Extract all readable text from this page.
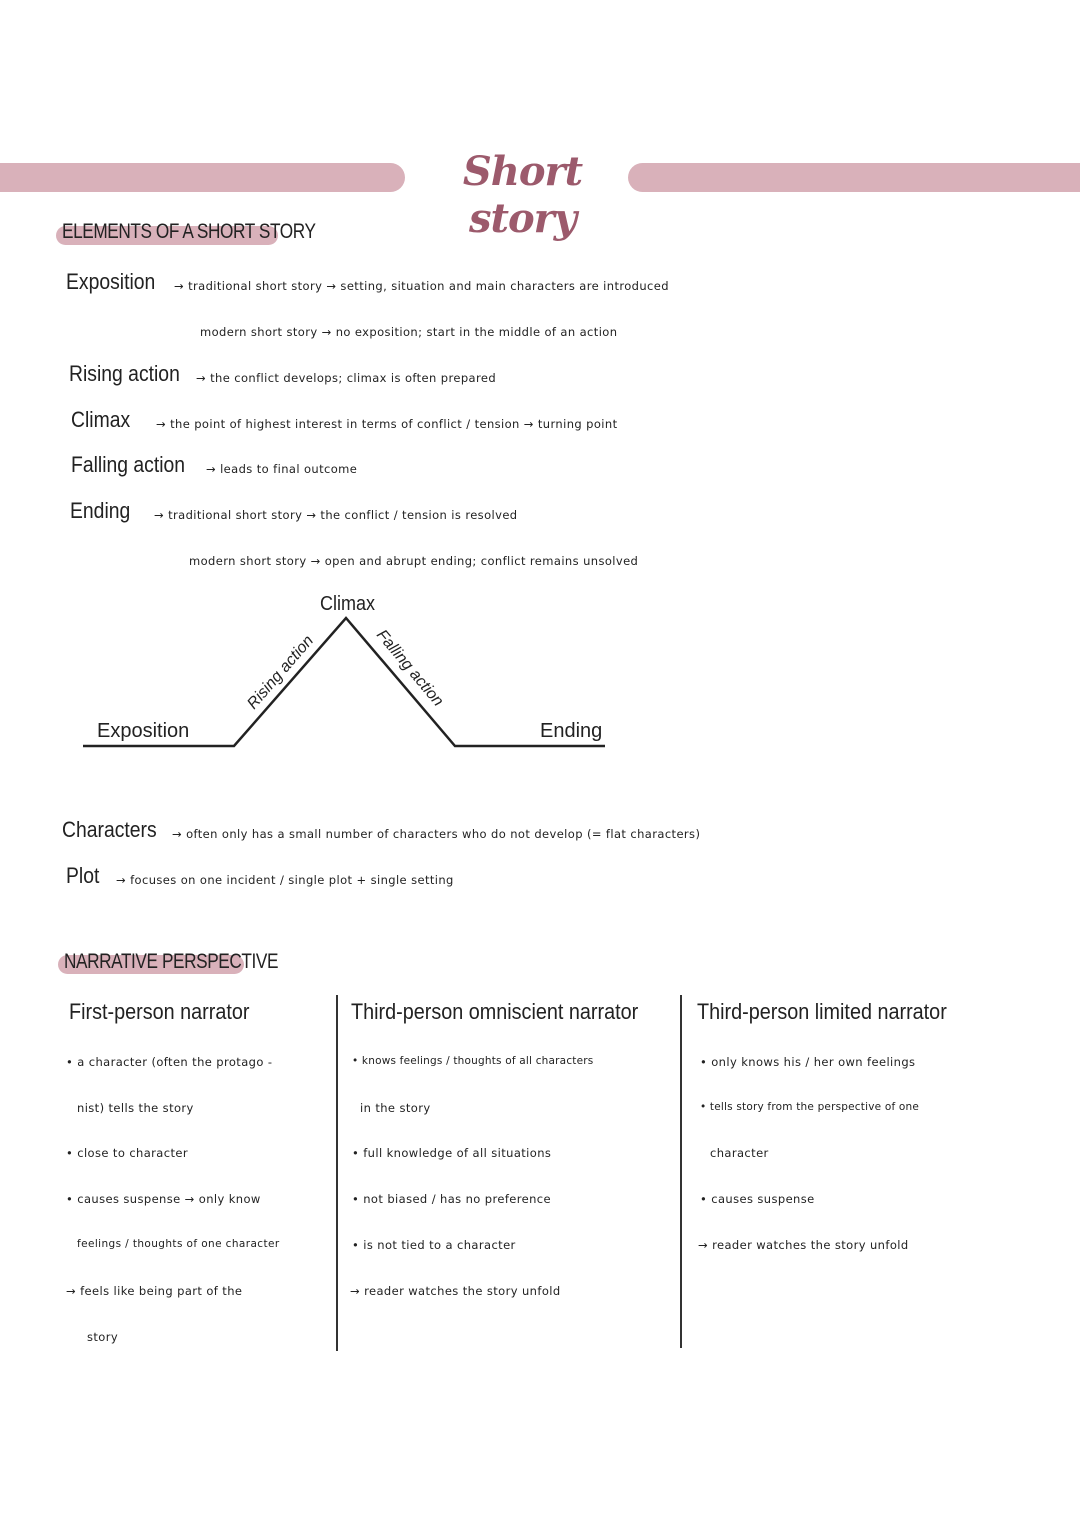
Short story
ELEMENTS OF A SHORT STORY
Exposition → traditional short story → setting, situation and main characters are introduced
modern short story → no exposition; start in the middle of an action
Rising action → the conflict develops; climax is often prepared
Climax → the point of highest interest in terms of conflict / tension → turning point
Falling action → leads to final outcome
Ending → traditional short story → the conflict / tension is resolved
modern short story → open and abrupt ending; conflict remains unsolved
Climax
Exposition	Ending
Rising action	Falling action
Characters → often only has a small number of characters who do not develop (= flat characters)
Plot → focuses on one incident / single plot + single setting
NARRATIVE PERSPECTIVE
First-person narrator
• a character (often the protago -
nist) tells the story
• close to character
• causes suspense → only know
feelings / thoughts of one character
→ feels like being part of the
story
Third-person omniscient narrator
• knows feelings / thoughts of all characters
in the story
• full knowledge of all situations
• not biased / has no preference
• is not tied to a character
→ reader watches the story unfold
Third-person limited narrator
• only knows his / her own feelings
• tells story from the perspective of one
character
• causes suspense
→ reader watches the story unfold
